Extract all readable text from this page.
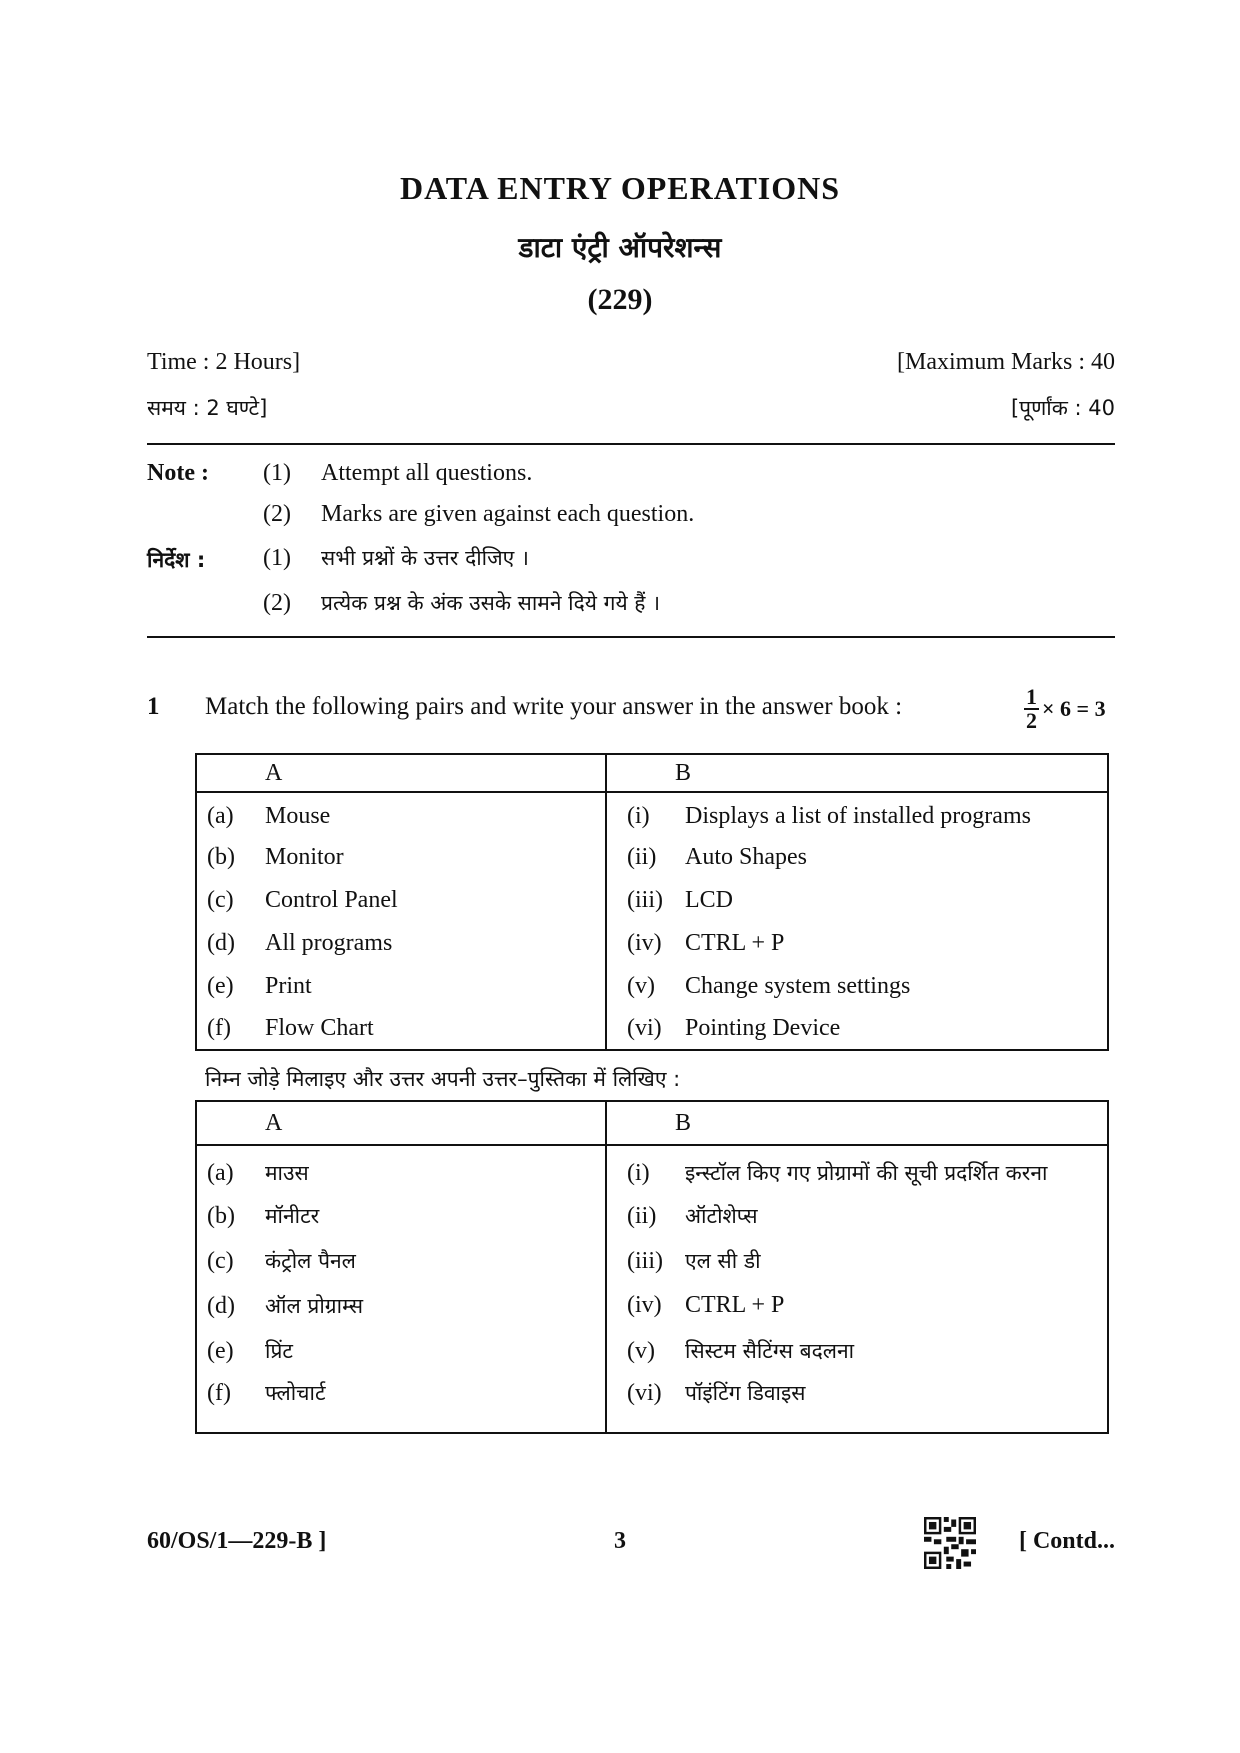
DATA ENTRY OPERATIONS
डाटा एंट्री ऑपरेशन्स
(229)
Time : 2 Hours]	[Maximum Marks : 40
समय : 2 घण्टे]	[पूर्णांक : 40
Note : (1) Attempt all questions.
(2) Marks are given against each question.
निर्देश : (1) सभी प्रश्नों के उत्तर दीजिए ।
(2) प्रत्येक प्रश्न के अंक उसके सामने दिये गये हैं ।
1 Match the following pairs and write your answer in the answer book :	$\frac{1}{2} \times 6 = 3$
A	B
(a) Mouse	(i) Displays a list of installed programs
(b) Monitor	(ii) Auto Shapes
(c) Control Panel	(iii) LCD
(d) All programs	(iv) CTRL + P
(e) Print	(v) Change system settings
(f) Flow Chart	(vi) Pointing Device
निम्न जोड़े मिलाइए और उत्तर अपनी उत्तर–पुस्तिका में लिखिए :
A	B
(a) माउस	(i) इन्स्टॉल किए गए प्रोग्रामों की सूची प्रदर्शित करना
(b) मॉनीटर	(ii) ऑटोशेप्स
(c) कंट्रोल पैनल	(iii) एल सी डी
(d) ऑल प्रोग्राम्स	(iv) CTRL + P
(e) प्रिंट	(v) सिस्टम सैटिंग्स बदलना
(f) फ्लोचार्ट	(vi) पॉइंटिंग डिवाइस
60/OS/1—229-B ]	3	[ Contd...
